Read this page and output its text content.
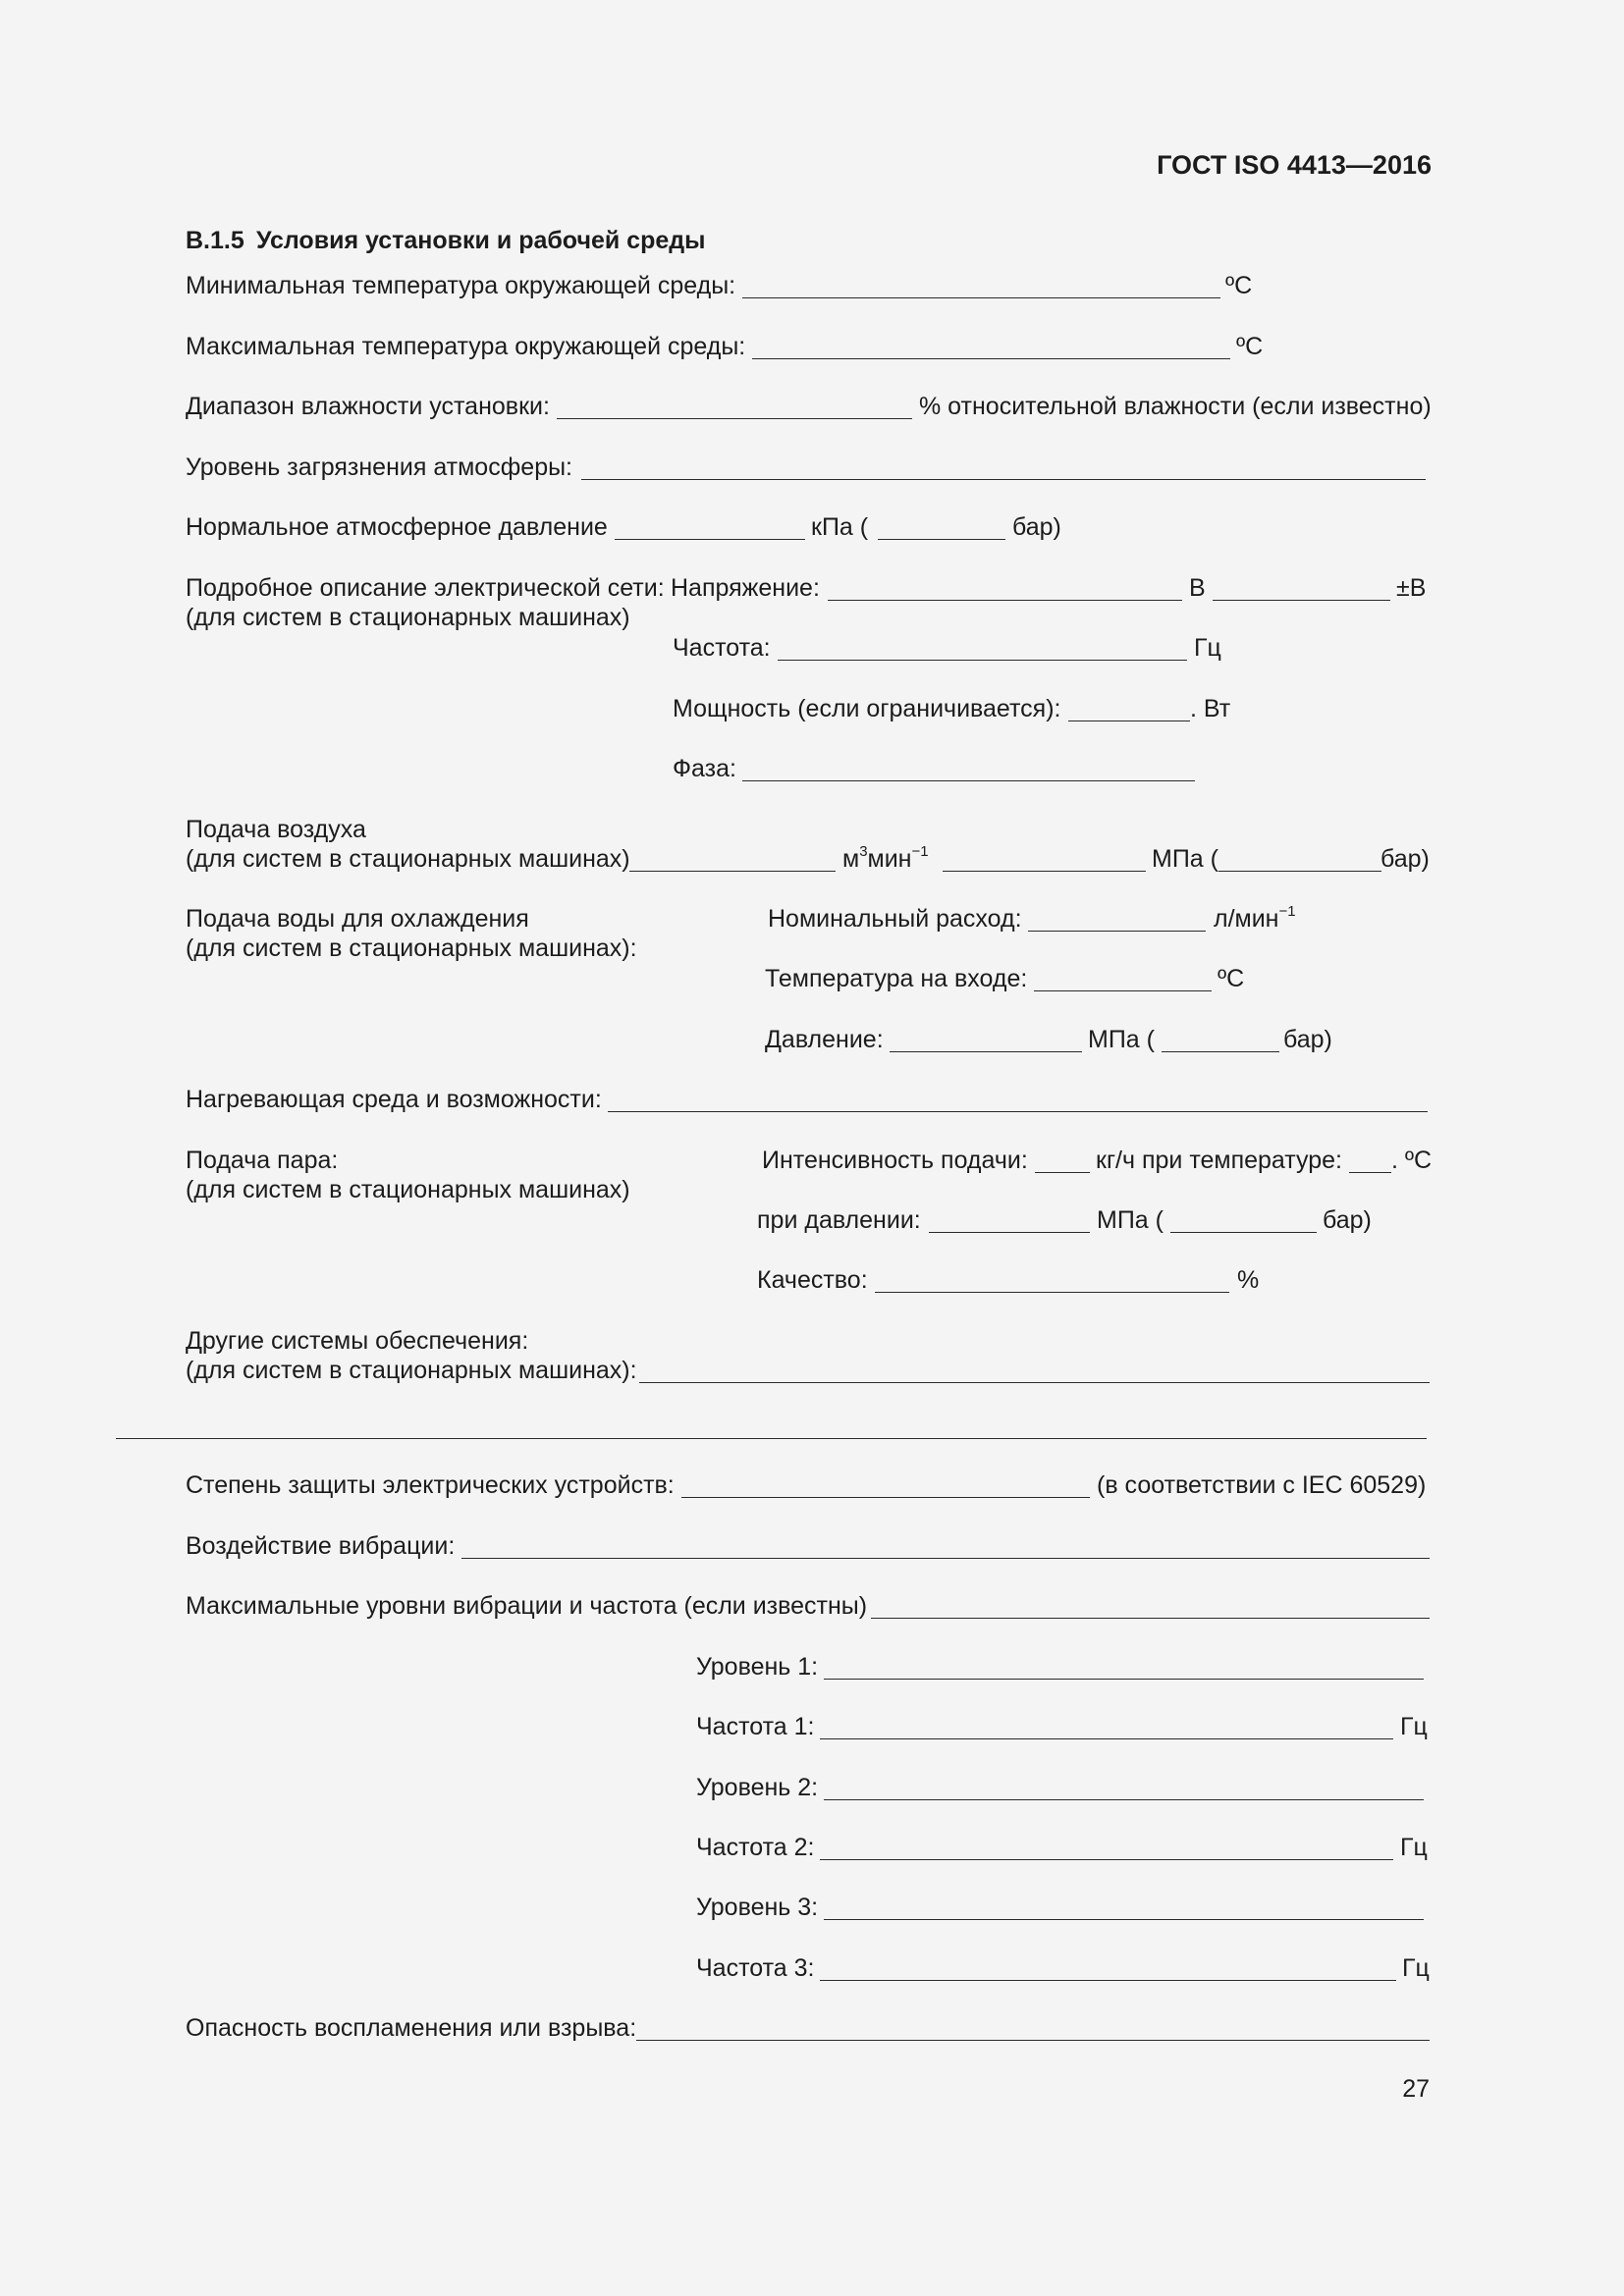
ГОСТ ISO 4413—2016
В.1.5 Условия установки и рабочей среды
Минимальная температура окружающей среды:	ºC
Максимальная температура окружающей среды:	ºC
Диапазон влажности установки:	% относительной влажности (если известно)
Уровень загрязнения атмосферы:
Нормальное атмосферное давление	кПа (	бар)
Подробное описание электрической сети:
(для систем в стационарных машинах)
Напряжение:	В	±В
Частота:	Гц
Мощность (если ограничивается):	. Вт
Фаза:
Подача воздуха
(для систем в стационарных машинах)	$м^3мин^{-1}$	МПа (	бар)
Подача воды для охлаждения
(для систем в стационарных машинах):
Номинальный расход:	л/мин$^{-1}$
Температура на входе:	ºC
Давление:	МПа (	бар)
Нагревающая среда и возможности:
Подача пара:
(для систем в стационарных машинах)
Интенсивность подачи:	кг/ч при температуре: . ºC
при давлении:	МПа (	бар)
Качество:	%
Другие системы обеспечения:
(для систем в стационарных машинах):
Степень защиты электрических устройств:	(в соответствии с IEC 60529)
Воздействие вибрации:
Максимальные уровни вибрации и частота (если известны)
Уровень 1:
Частота 1:	Гц
Уровень 2:
Частота 2:	Гц
Уровень 3:
Частота 3:	Гц
Опасность воспламенения или взрыва:
27
